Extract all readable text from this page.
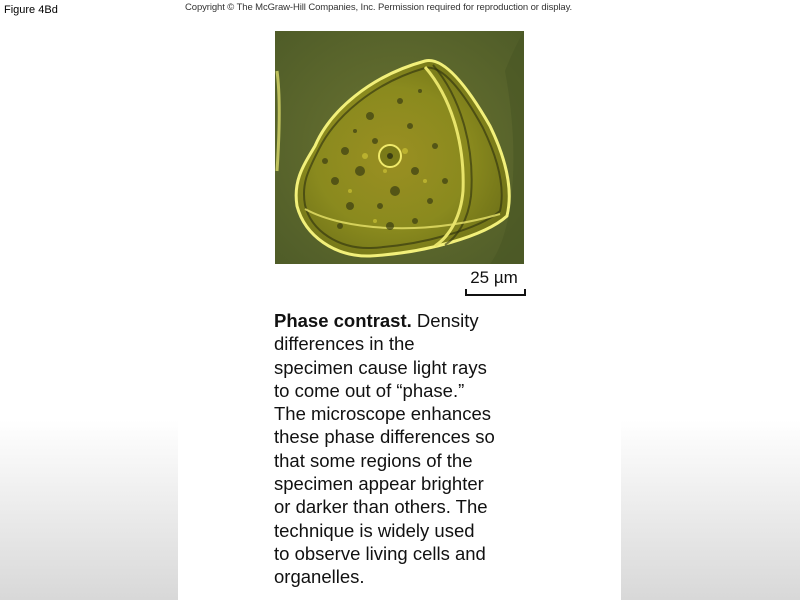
Figure 4Bd	Copyright © The McGraw-Hill Companies, Inc. Permission required for reproduction or display.
25 µm
Phase contrast. Density
differences in the
specimen cause light rays
to come out of “phase.”
The microscope enhances
these phase differences so
that some regions of the
specimen appear brighter
or darker than others. The
technique is widely used
to observe living cells and
organelles.
